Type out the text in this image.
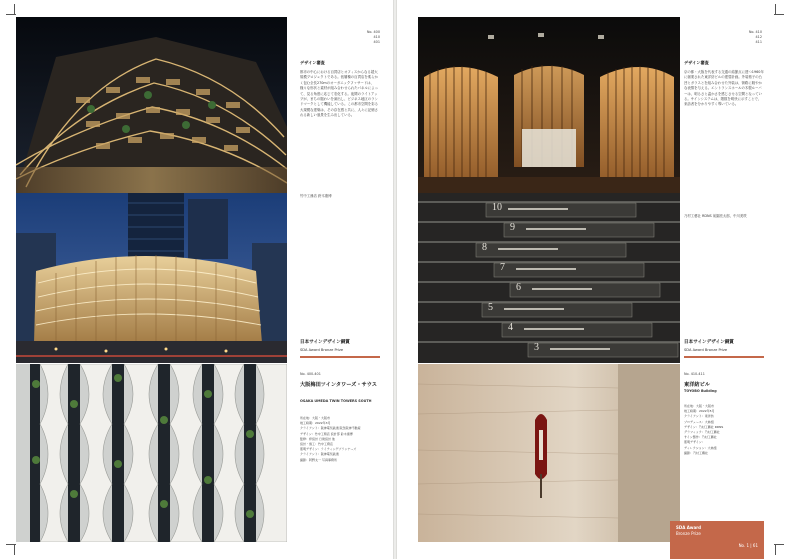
No. 400
410
401
デザイン審査
都市の中心における百貨店とオフィスからなる超大規模プロジェクトである。低層棟の百貨店を柔らかく包む全長270mのオーガニックファサードは、様々な形状と素材が組み合わせられたパネルによって、見る角度に応じて変化する。夜間のライトアップが、まちの賑わいを演出し、ビジネス地区のランドマークとして機能している。この都市空間を彩る大規模な建築は、その存在感と共に、人々に記憶される新しい風景を生み出している。
竹中工務店 鈴木康博
日本サインデザイン銅賞
SDA Award Bronze Prize
No. 400-401
大阪梅田ツインタワーズ・サウス
OSAKA UMEDA TWIN TOWERS SOUTH
所在地：大阪・大阪市
竣工時期：2022年3月
クライアント：阪神電気鉄道 阪急阪神不動産
デザイン：竹中工務店 設計部 鈴木康博
監修：梓設計 日建設計 他
設計・施工：竹中工務店
照明デザイン：ライティングプランナーズ
クライアント：阪神電気鉄道
撮影：阿野太一 写真事務所
10
9
8
7
6
5
4
3
No. 410
412
411
デザイン審査
京の都・大阪を代表する交通の結節点に建つ1960年に創業された東洋紡ビルの建替計画。外装格子の凸凹とガラスとを組み合わせた外装は、街路に軽やかな表情を与える。エントランスホールの木製ルーバーは、明るさと温かさを感じさせる空間となっている。サインシステムは、階数を明快に示すことで、来訪者を分かりやすく導いている。
乃村工藝社 RDNS 前園亮太郎、中川美咲
日本サインデザイン銅賞
SDA Award Bronze Prize
No. 410-411
東洋紡ビル
TOYOBO Building
所在地：大阪・大阪市
竣工時期：2022年5月
クライアント：東洋紡
プロデュース：大林組
デザイン：乃村工藝社 RDNS
グラフィック：乃村工藝社
サイン製作：乃村工藝社
照明デザイン：
ディレクション：大林組
撮影：乃村工藝社
SDA Award
Bronze Prize
No. 1 | 61
